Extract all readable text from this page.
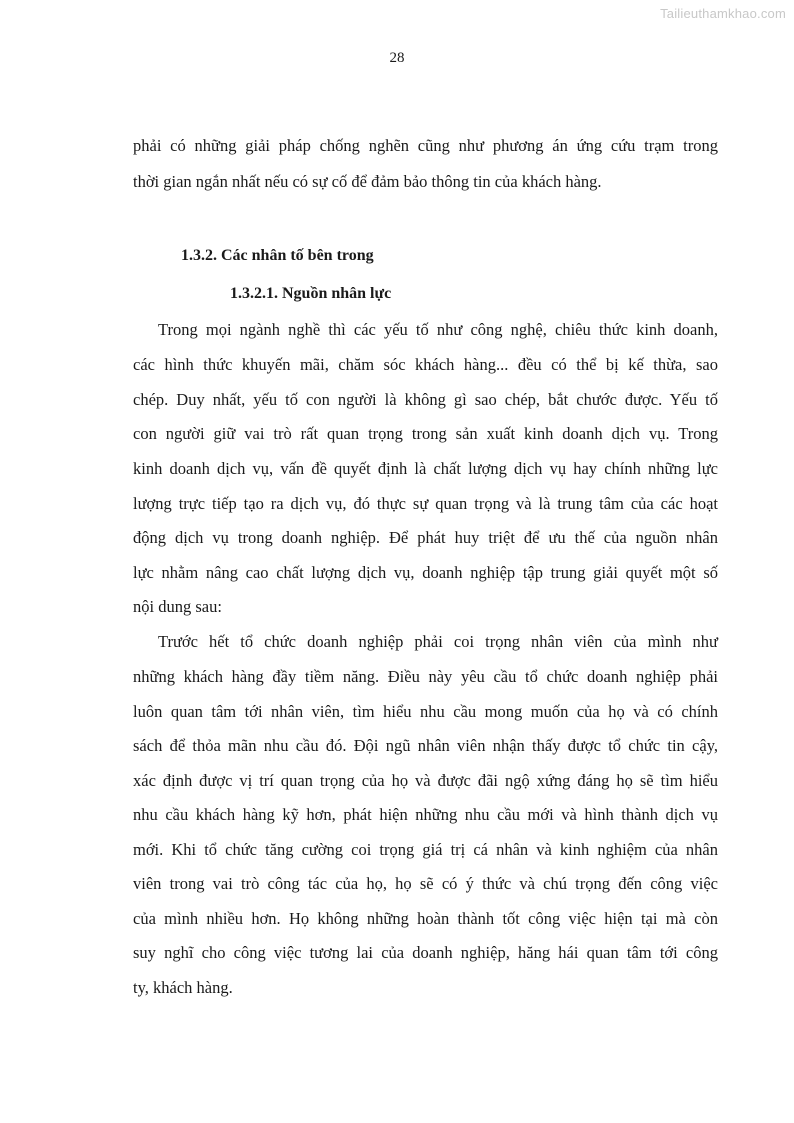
Tailieuthamkhao.com
28
phải có những giải pháp chống nghẽn cũng như phương án ứng cứu trạm trong
thời gian ngắn nhất nếu có sự cố để đảm bảo thông tin của khách hàng.
1.3.2. Các nhân tố bên trong
1.3.2.1. Nguồn nhân lực
Trong mọi ngành nghề thì các yếu tố như công nghệ, chiêu thức kinh doanh,
các hình thức khuyến mãi, chăm sóc khách hàng... đều có thể bị kế thừa, sao
chép. Duy nhất, yếu tố con người là không gì sao chép, bắt chước được. Yếu tố
con người giữ vai trò rất quan trọng trong sản xuất kinh doanh dịch vụ. Trong
kinh doanh dịch vụ, vấn đề quyết định là chất lượng dịch vụ hay chính những lực
lượng trực tiếp tạo ra dịch vụ, đó thực sự quan trọng và là trung tâm của các hoạt
động dịch vụ trong doanh nghiệp. Để phát huy triệt để ưu thế của nguồn nhân
lực nhằm nâng cao chất lượng dịch vụ, doanh nghiệp tập trung giải quyết một số
nội dung sau:
Trước hết tổ chức doanh nghiệp phải coi trọng nhân viên của mình như
những khách hàng đầy tiềm năng. Điều này yêu cầu tổ chức doanh nghiệp phải
luôn quan tâm tới nhân viên, tìm hiểu nhu cầu mong muốn của họ và có chính
sách để thỏa mãn nhu cầu đó. Đội ngũ nhân viên nhận thấy được tổ chức tin cậy,
xác định được vị trí quan trọng của họ và được đãi ngộ xứng đáng họ sẽ tìm hiểu
nhu cầu khách hàng kỹ hơn, phát hiện những nhu cầu mới và hình thành dịch vụ
mới. Khi tổ chức tăng cường coi trọng giá trị cá nhân và kinh nghiệm của nhân
viên trong vai trò công tác của họ, họ sẽ có ý thức và chú trọng đến công việc
của mình nhiều hơn. Họ không những hoàn thành tốt công việc hiện tại mà còn
suy nghĩ cho công việc tương lai của doanh nghiệp, hăng hái quan tâm tới công
ty, khách hàng.
